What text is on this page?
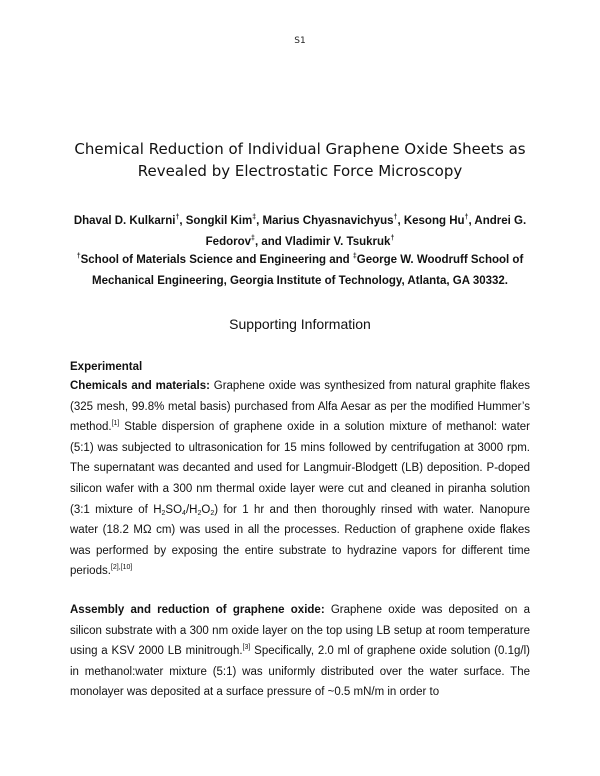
S1
Chemical Reduction of Individual Graphene Oxide Sheets as
Revealed by Electrostatic Force Microscopy
Dhaval D. Kulkarni†, Songkil Kim‡, Marius Chyasnavichyus†, Kesong Hu†, Andrei G. Fedorov‡, and Vladimir V. Tsukruk†
†School of Materials Science and Engineering and ‡George W. Woodruff School of Mechanical Engineering, Georgia Institute of Technology, Atlanta, GA 30332.
Supporting Information
Experimental

Chemicals and materials: Graphene oxide was synthesized from natural graphite flakes (325 mesh, 99.8% metal basis) purchased from Alfa Aesar as per the modified Hummer’s method.[1] Stable dispersion of graphene oxide in a solution mixture of methanol: water (5:1) was subjected to ultrasonication for 15 mins followed by centrifugation at 3000 rpm. The supernatant was decanted and used for Langmuir-Blodgett (LB) deposition. P-doped silicon wafer with a 300 nm thermal oxide layer were cut and cleaned in piranha solution (3:1 mixture of $H_2SO_4/H_2O_2$) for 1 hr and then thoroughly rinsed with water. Nanopure water (18.2 MΩ cm) was used in all the processes. Reduction of graphene oxide flakes was performed by exposing the entire substrate to hydrazine vapors for different time periods.[2],[10]

Assembly and reduction of graphene oxide: Graphene oxide was deposited on a silicon substrate with a 300 nm oxide layer on the top using LB setup at room temperature using a KSV 2000 LB minitrough.[3] Specifically, 2.0 ml of graphene oxide solution (0.1g/l) in methanol:water mixture (5:1) was uniformly distributed over the water surface. The monolayer was deposited at a surface pressure of ~0.5 mN/m in order to
